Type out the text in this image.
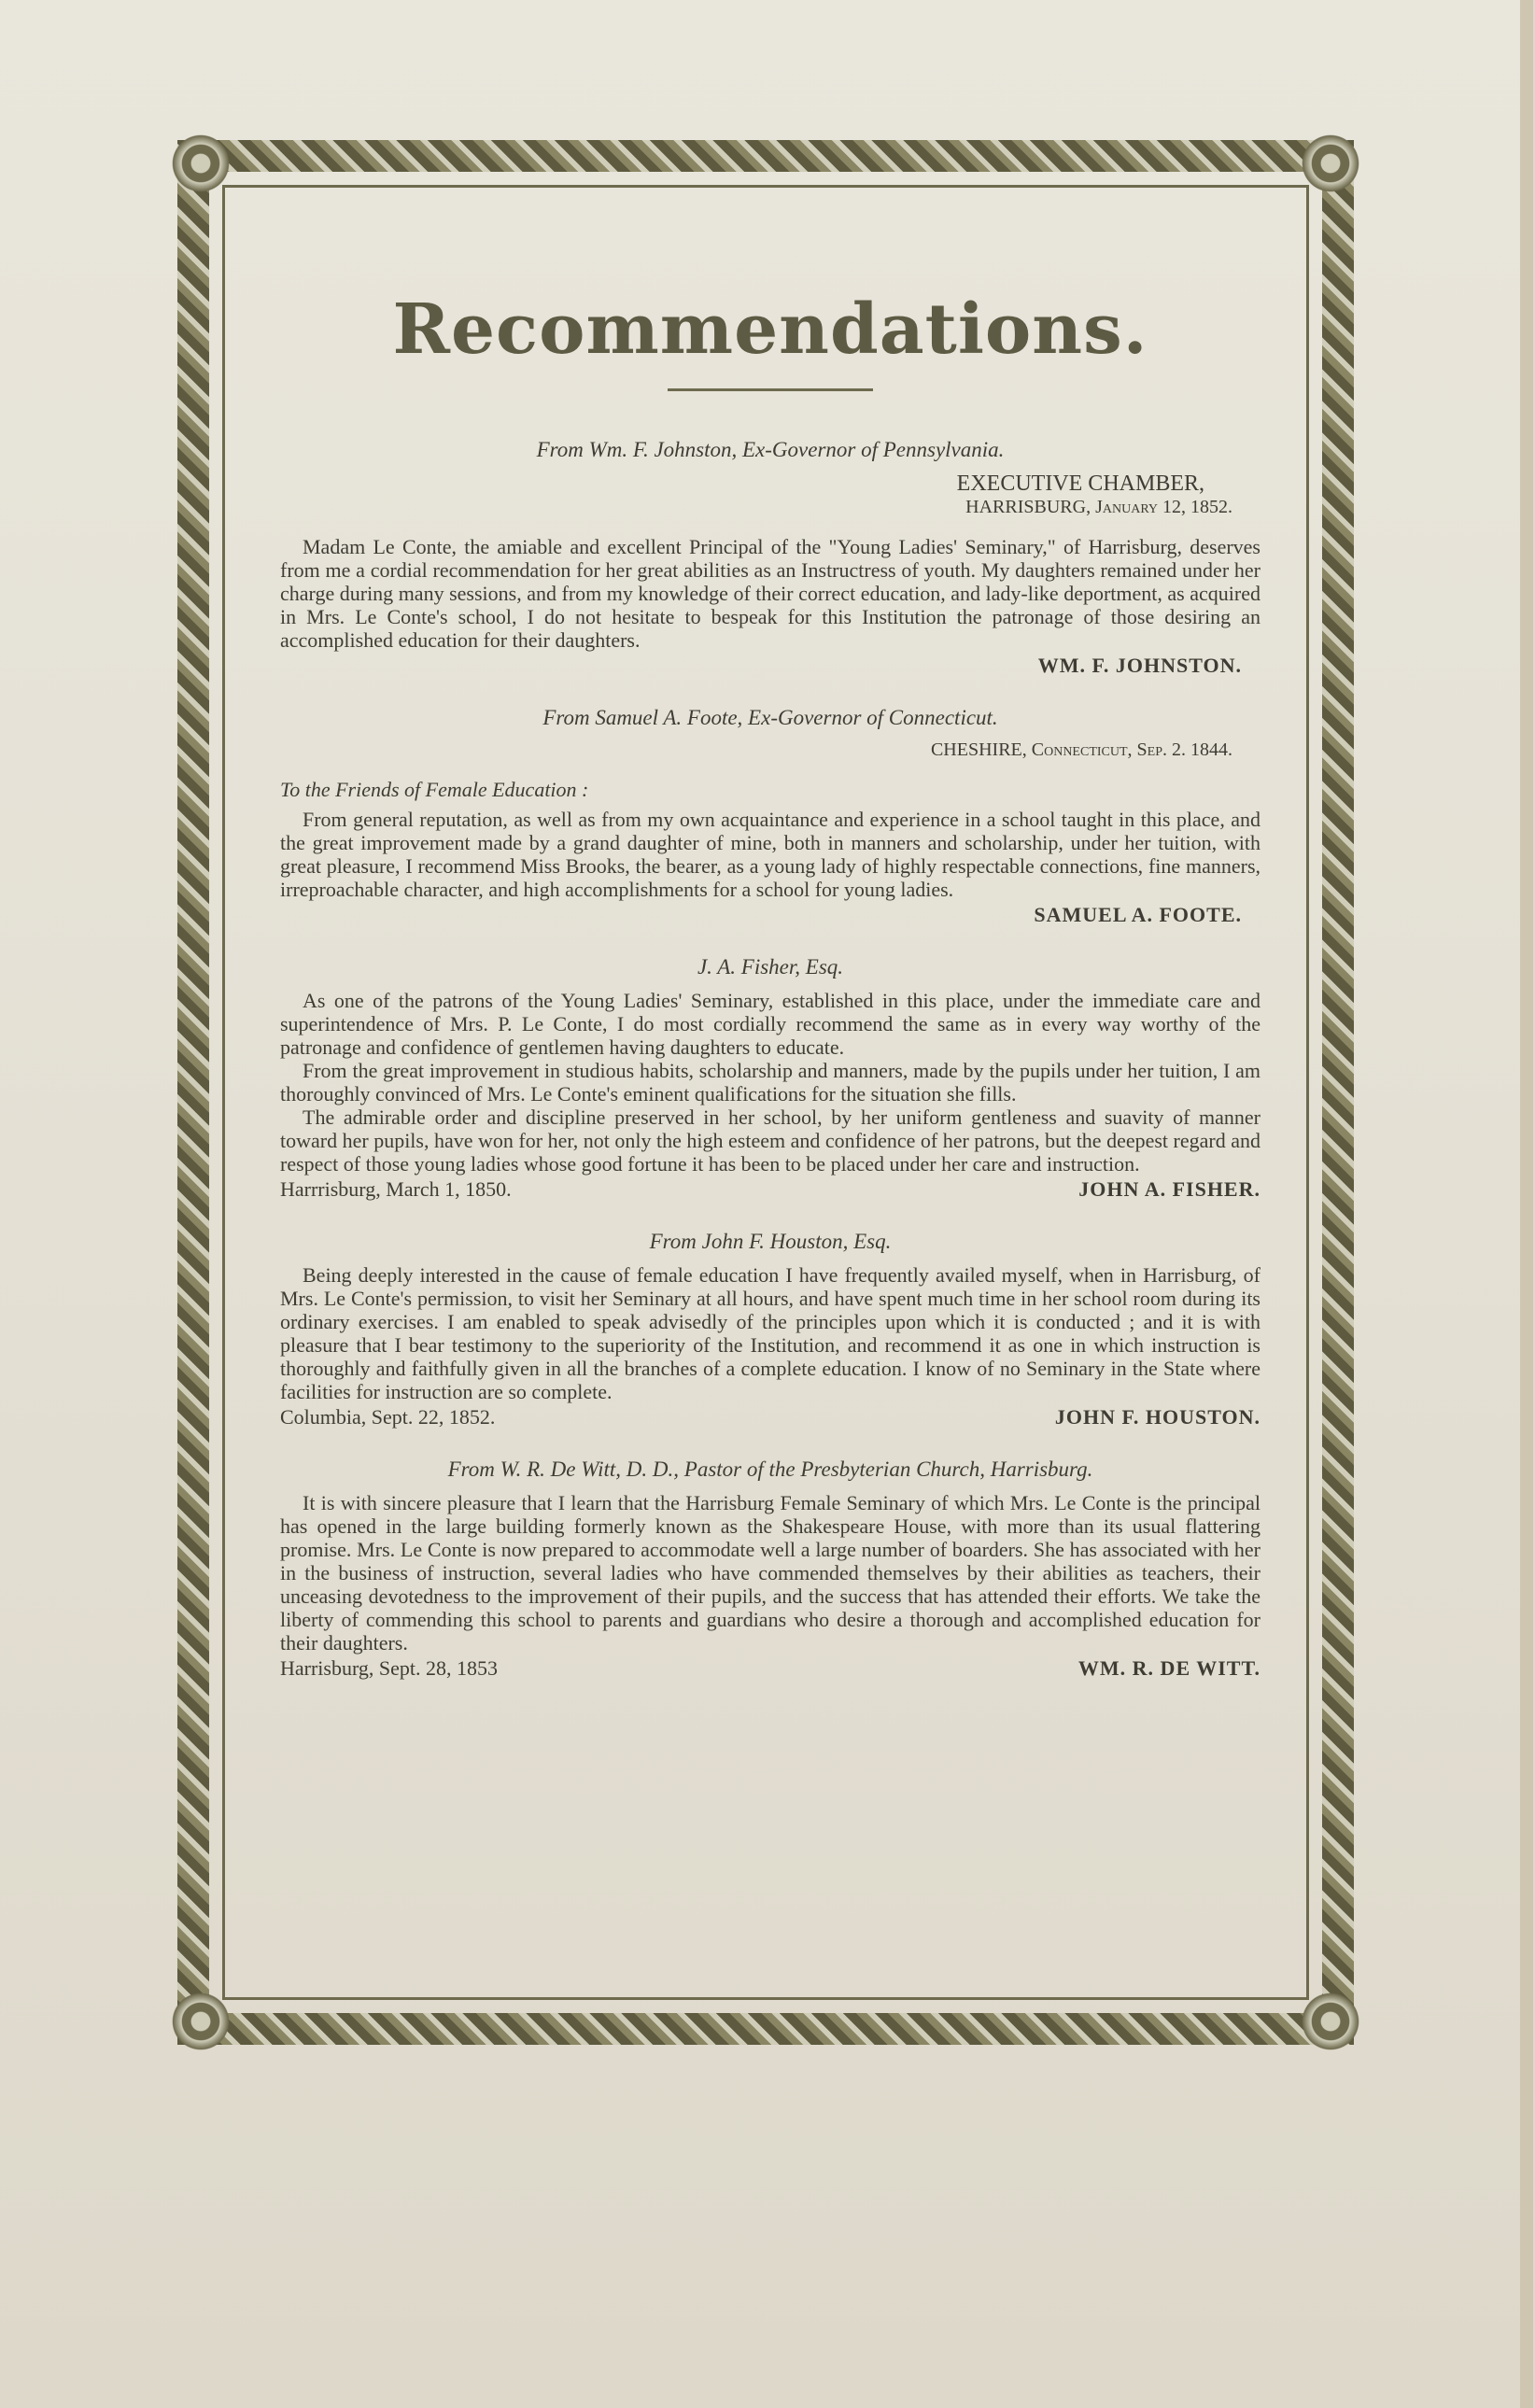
Recommendations.
From Wm. F. Johnston, Ex-Governor of Pennsylvania.
EXECUTIVE CHAMBER,
HARRISBURG, January 12, 1852.

Madam Le Conte, the amiable and excellent Principal of the "Young Ladies' Seminary," of Harrisburg, deserves from me a cordial recommendation for her great abilities as an Instructress of youth. My daughters remained under her charge during many sessions, and from my knowledge of their correct education, and lady-like deportment, as acquired in Mrs. Le Conte's school, I do not hesitate to bespeak for this Institution the patronage of those desiring an accomplished education for their daughters.

WM. F. JOHNSTON.
From Samuel A. Foote, Ex-Governor of Connecticut.
CHESHIRE, Connecticut, Sep. 2. 1844.
To the Friends of Female Education :

From general reputation, as well as from my own acquaintance and experience in a school taught in this place, and the great improvement made by a grand daughter of mine, both in manners and scholarship, under her tuition, with great pleasure, I recommend Miss Brooks, the bearer, as a young lady of highly respectable connections, fine manners, irreproachable character, and high accomplishments for a school for young ladies.

SAMUEL A. FOOTE.
J. A. Fisher, Esq.

As one of the patrons of the Young Ladies' Seminary, established in this place, under the immediate care and superintendence of Mrs. P. Le Conte, I do most cordially recommend the same as in every way worthy of the patronage and confidence of gentlemen having daughters to educate.

From the great improvement in studious habits, scholarship and manners, made by the pupils under her tuition, I am thoroughly convinced of Mrs. Le Conte's eminent qualifications for the situation she fills.

The admirable order and discipline preserved in her school, by her uniform gentleness and suavity of manner toward her pupils, have won for her, not only the high esteem and confidence of her patrons, but the deepest regard and respect of those young ladies whose good fortune it has been to be placed under her care and instruction.

Harrrisburg, March 1, 1850.	JOHN A. FISHER.
From John F. Houston, Esq.

Being deeply interested in the cause of female education I have frequently availed myself, when in Harrisburg, of Mrs. Le Conte's permission, to visit her Seminary at all hours, and have spent much time in her school room during its ordinary exercises. I am enabled to speak advisedly of the principles upon which it is conducted ; and it is with pleasure that I bear testimony to the superiority of the Institution, and recommend it as one in which instruction is thoroughly and faithfully given in all the branches of a complete education. I know of no Seminary in the State where facilities for instruction are so complete.

Columbia, Sept. 22, 1852.	JOHN F. HOUSTON.
From W. R. De Witt, D. D., Pastor of the Presbyterian Church, Harrisburg.

It is with sincere pleasure that I learn that the Harrisburg Female Seminary of which Mrs. Le Conte is the principal has opened in the large building formerly known as the Shakespeare House, with more than its usual flattering promise. Mrs. Le Conte is now prepared to accommodate well a large number of boarders. She has associated with her in the business of instruction, several ladies who have commended themselves by their abilities as teachers, their unceasing devotedness to the improvement of their pupils, and the success that has attended their efforts. We take the liberty of commending this school to parents and guardians who desire a thorough and accomplished education for their daughters.

Harrisburg, Sept. 28, 1853	WM. R. DE WITT.
